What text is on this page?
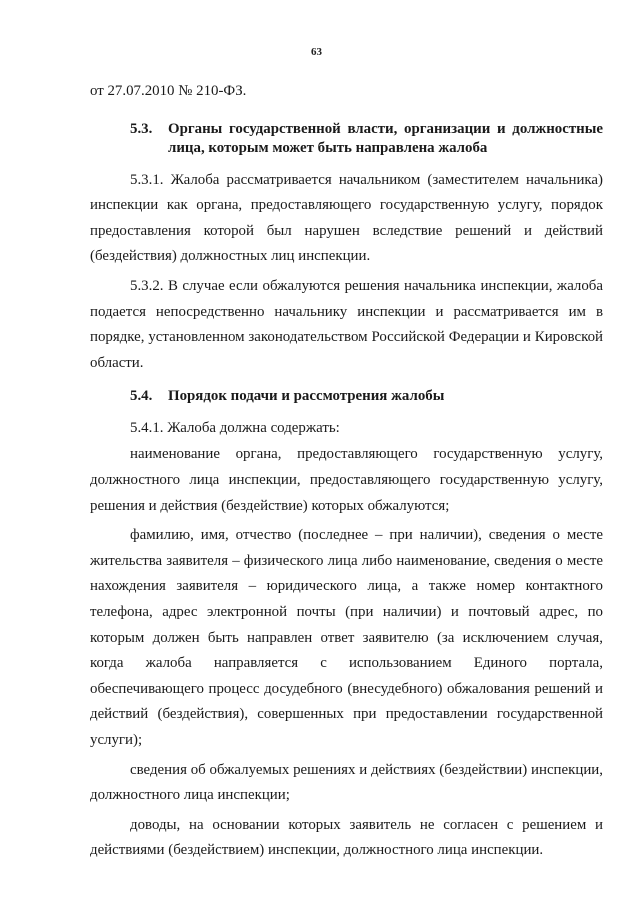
63

от 27.07.2010 № 210-ФЗ.

5.3.	Органы государственной власти, организации и должностные лица, которым может быть направлена жалоба

5.3.1. Жалоба рассматривается начальником (заместителем начальника) инспекции как органа, предоставляющего государственную услугу, порядок предоставления которой был нарушен вследствие решений и действий (бездействия) должностных лиц инспекции.

5.3.2. В случае если обжалуются решения начальника инспекции, жалоба подается непосредственно начальнику инспекции и рассматривается им в порядке, установленном законодательством Российской Федерации и Кировской области.

5.4.	Порядок подачи и рассмотрения жалобы

5.4.1. Жалоба должна содержать:

наименование органа, предоставляющего государственную услугу, должностного лица инспекции, предоставляющего государственную услугу, решения и действия (бездействие) которых обжалуются;

фамилию, имя, отчество (последнее – при наличии), сведения о месте жительства заявителя – физического лица либо наименование, сведения о месте нахождения заявителя – юридического лица, а также номер контактного телефона, адрес электронной почты (при наличии) и почтовый адрес, по которым должен быть направлен ответ заявителю (за исключением случая, когда жалоба направляется с использованием Единого портала, обеспечивающего процесс досудебного (внесудебного) обжалования решений и действий (бездействия), совершенных при предоставлении государственной услуги);

сведения об обжалуемых решениях и действиях (бездействии) инспекции, должностного лица инспекции;

доводы, на основании которых заявитель не согласен с решением и действиями (бездействием) инспекции, должностного лица инспекции.
